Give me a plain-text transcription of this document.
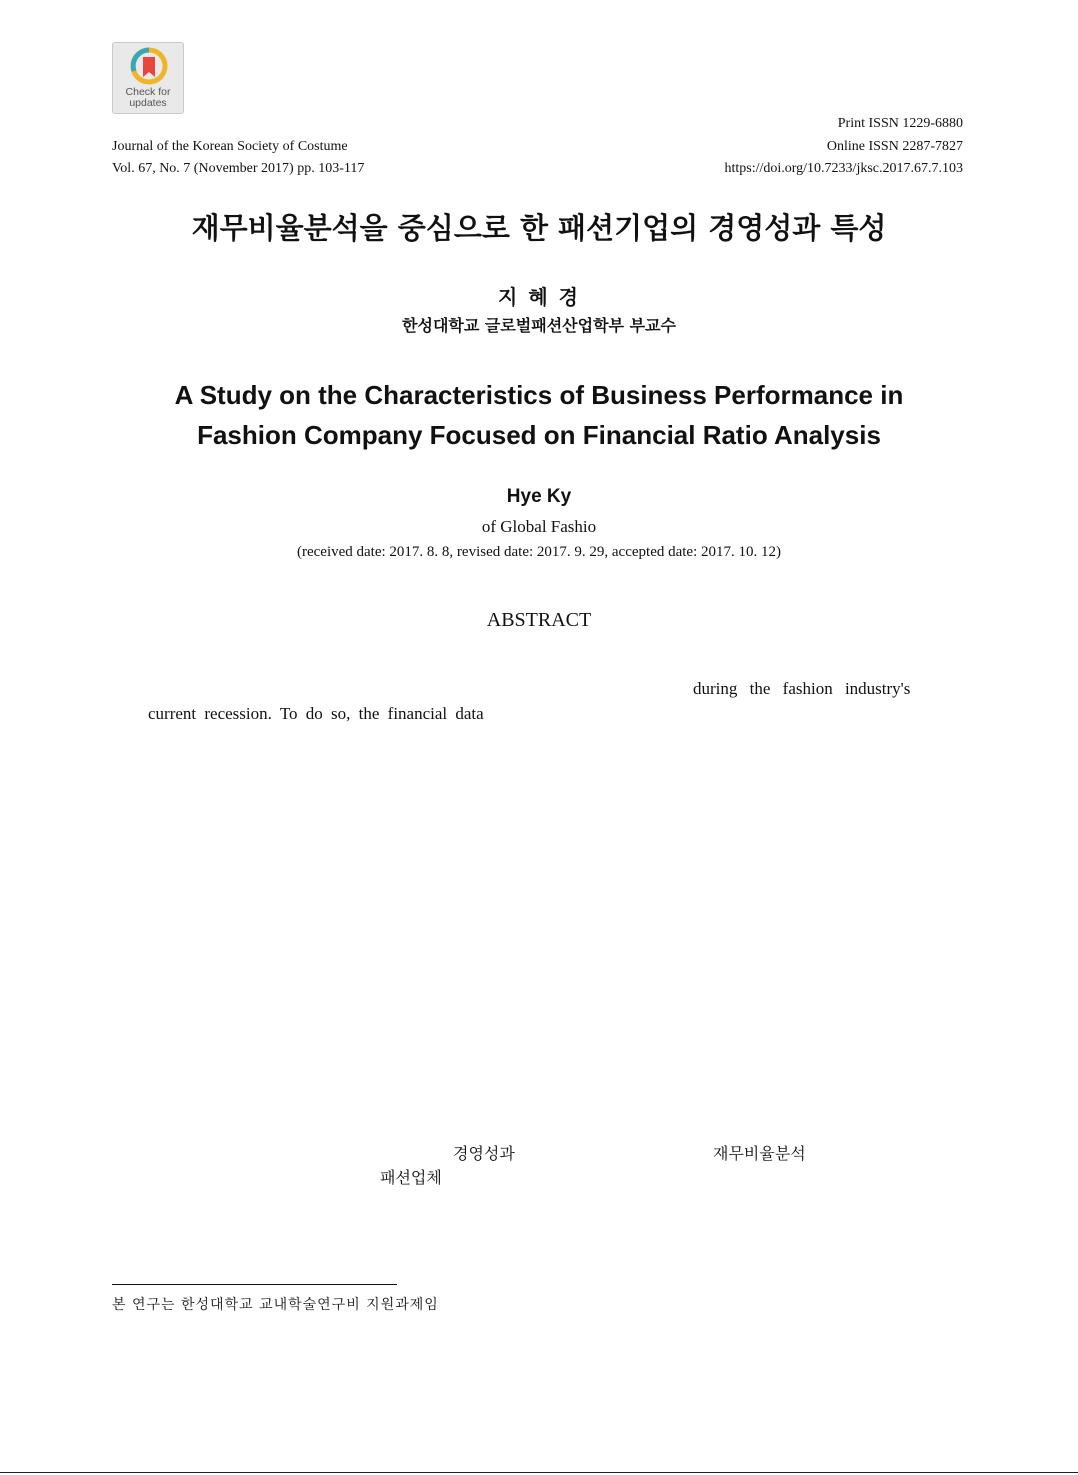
Check for
updates
Journal of the Korean Society of Costume
Vol. 67, No. 7 (November 2017) pp. 103-117
Print ISSN 1229-6880
Online ISSN 2287-7827
https://doi.org/10.7233/jksc.2017.67.7.103
재무비율분석을 중심으로 한 패션기업의 경영성과 특성
지 혜 경
한성대학교 글로벌패션산업학부 부교수
A Study on the Characteristics of Business Performance in
Fashion Company Focused on Financial Ratio Analysis
Hye Ky
of Global Fashio
(received date: 2017. 8. 8, revised date: 2017. 9. 29, accepted date: 2017. 10. 12)
ABSTRACT
during the fashion industry's
current recession. To do so, the financial data
경영성과	재무비율분석
패션업체
본 연구는 한성대학교 교내학술연구비 지원과제임
